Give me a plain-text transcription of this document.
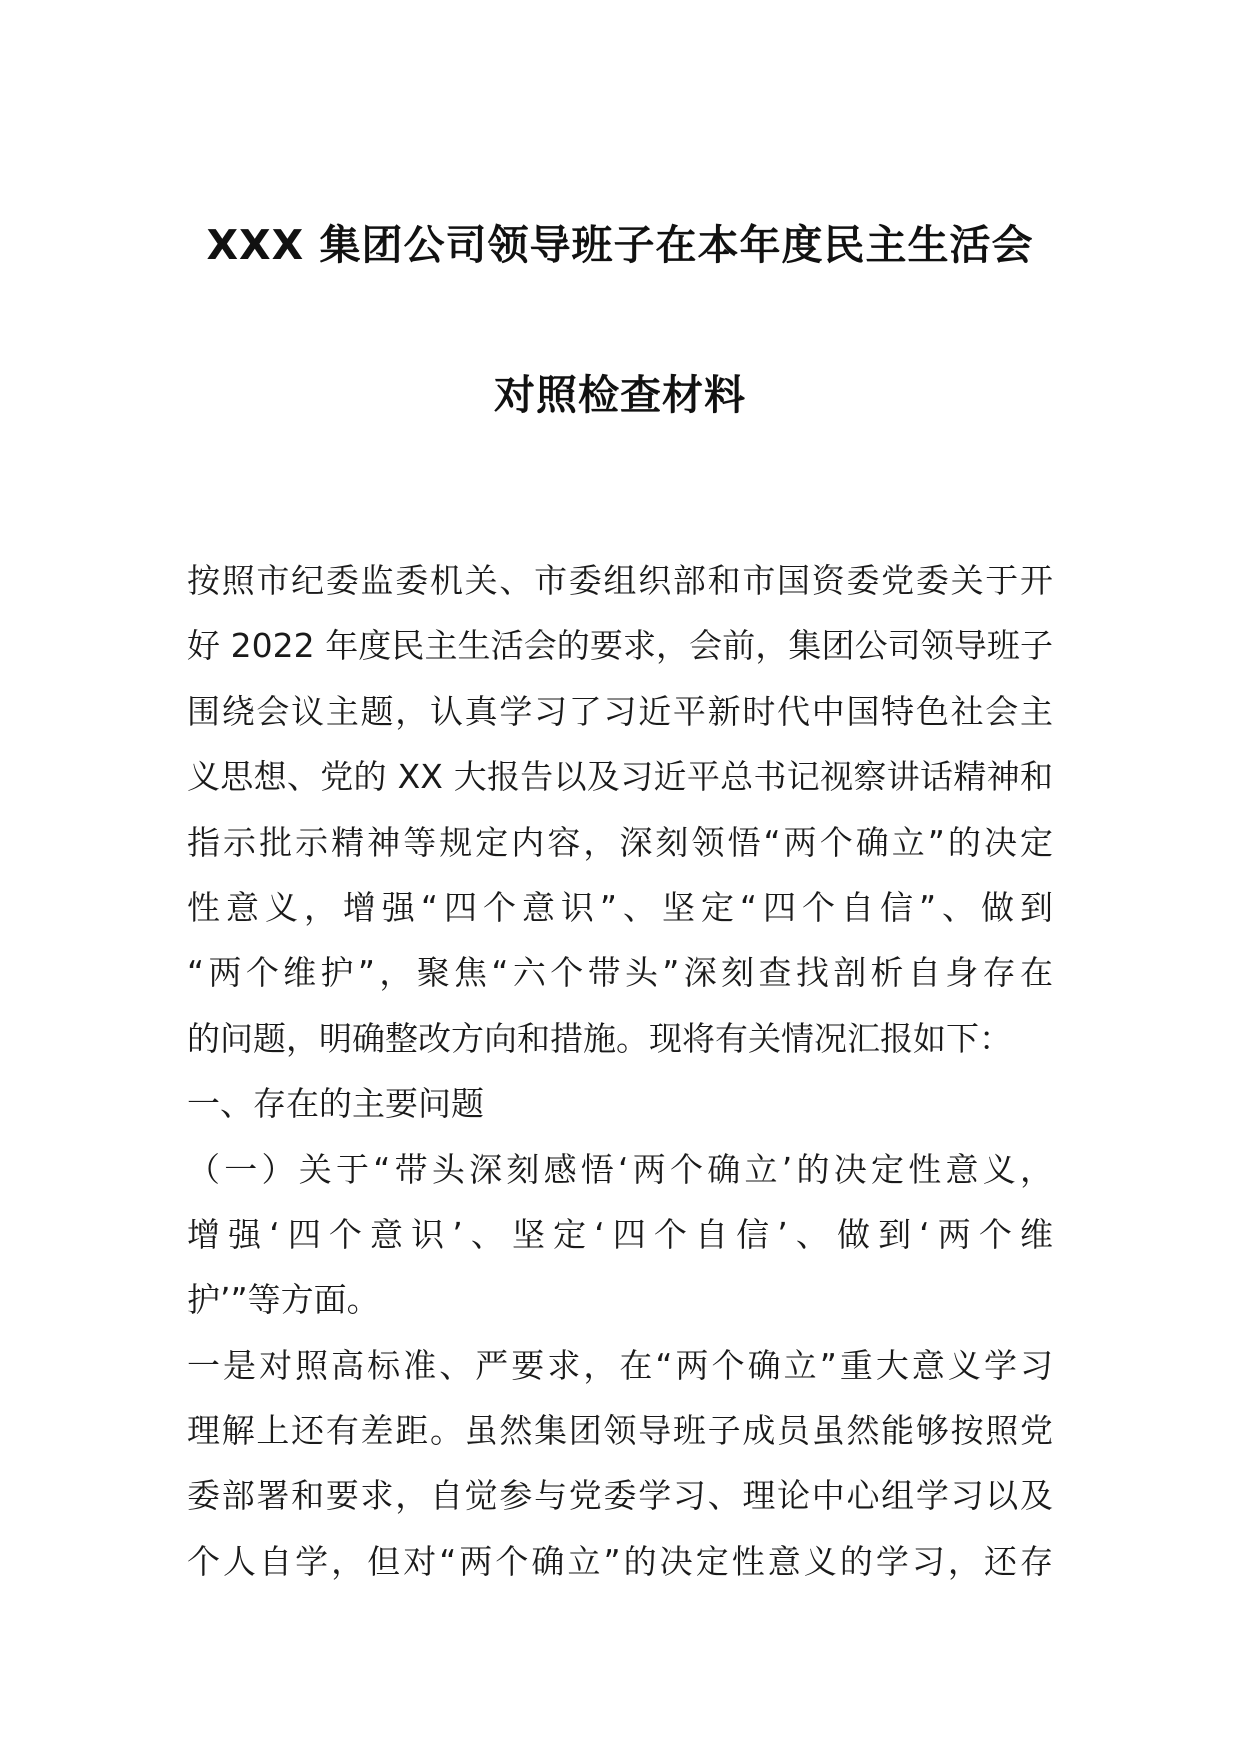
XXX 集团公司领导班子在本年度民主生活会
对照检查材料
按照市纪委监委机关、市委组织部和市国资委党委关于开
好 2022 年度民主生活会的要求，会前，集团公司领导班子
围绕会议主题，认真学习了习近平新时代中国特色社会主
义思想、党的 XX 大报告以及习近平总书记视察讲话精神和
指示批示精神等规定内容，深刻领悟“两个确立”的决定
性意义，增强“四个意识”、坚定“四个自信”、做到
“两个维护”，聚焦“六个带头”深刻查找剖析自身存在
的问题，明确整改方向和措施。现将有关情况汇报如下：
一、存在的主要问题
（一）关于“带头深刻感悟‘两个确立’的决定性意义，
增强‘四个意识’、坚定‘四个自信’、做到‘两个维
护’”等方面。
一是对照高标准、严要求，在“两个确立”重大意义学习
理解上还有差距。虽然集团领导班子成员虽然能够按照党
委部署和要求，自觉参与党委学习、理论中心组学习以及
个人自学，但对“两个确立”的决定性意义的学习，还存
